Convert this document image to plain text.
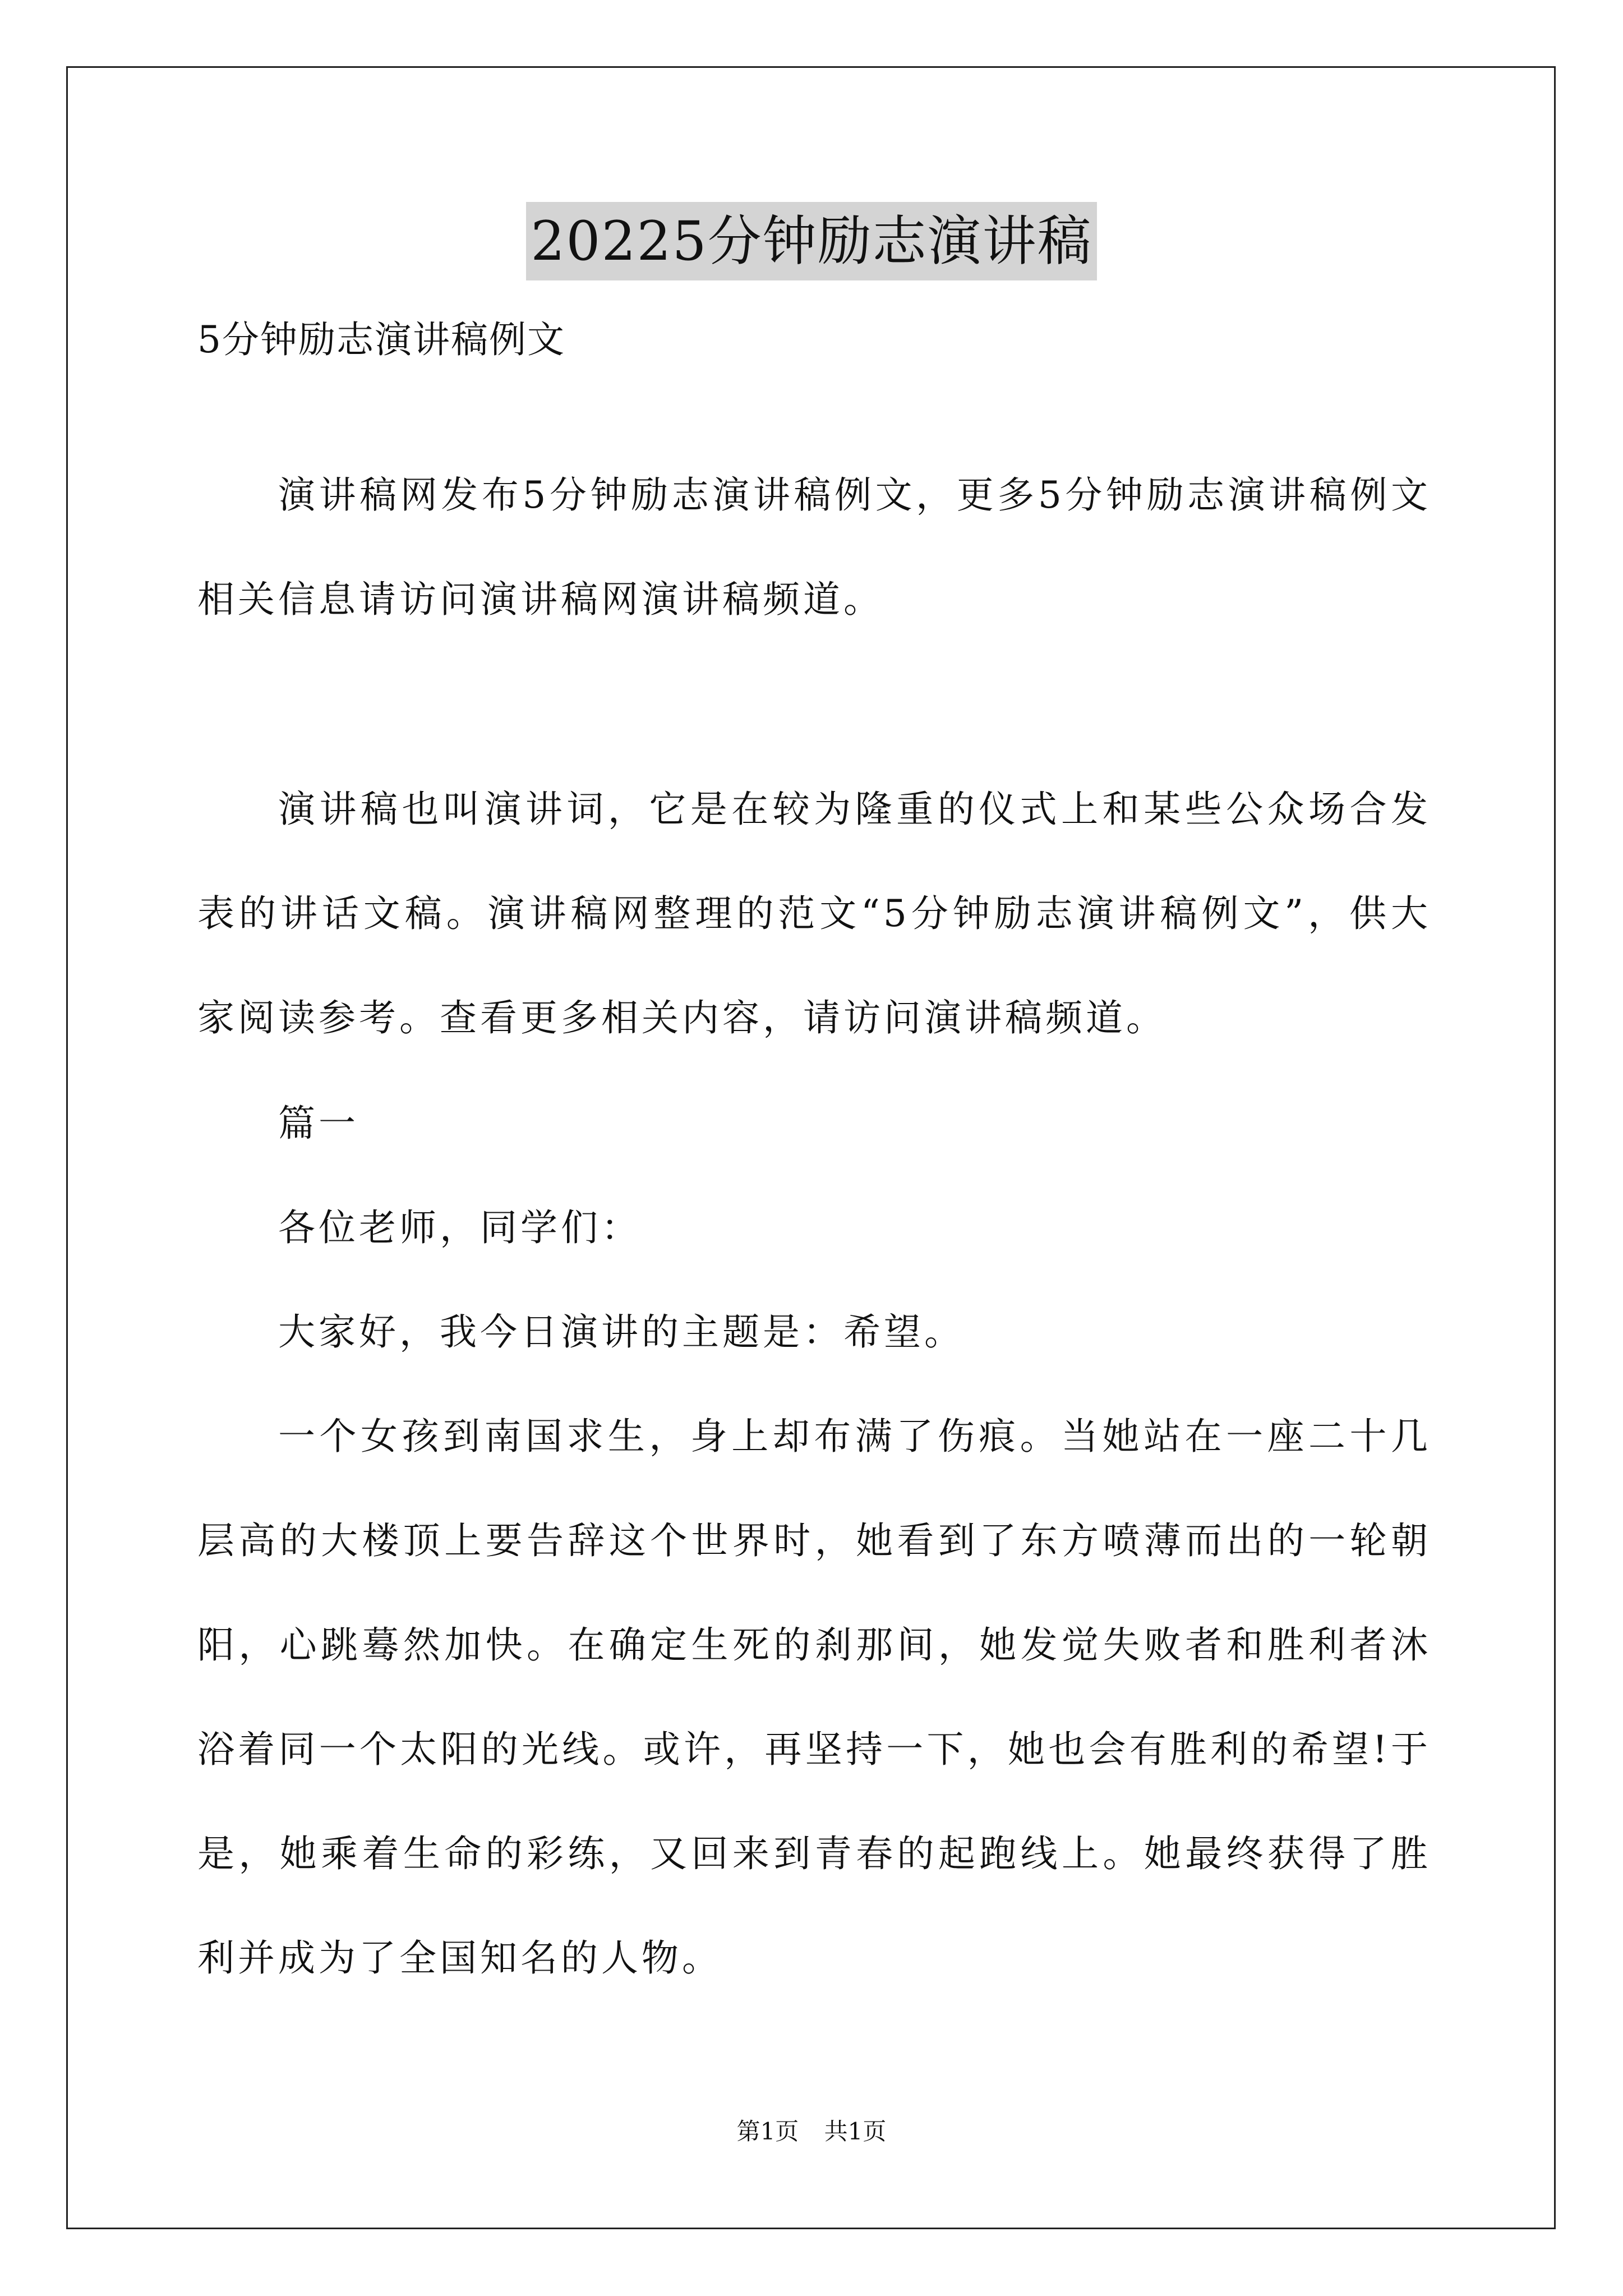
20225分钟励志演讲稿
5分钟励志演讲稿例文

演讲稿网发布5分钟励志演讲稿例文，更多5分钟励志演讲稿例文相关信息请访问演讲稿网演讲稿频道。

演讲稿也叫演讲词，它是在较为隆重的仪式上和某些公众场合发表的讲话文稿。演讲稿网整理的范文“5分钟励志演讲稿例文”，供大家阅读参考。查看更多相关内容，请访问演讲稿频道。

篇一

各位老师，同学们：

大家好，我今日演讲的主题是：希望。

一个女孩到南国求生，身上却布满了伤痕。当她站在一座二十几层高的大楼顶上要告辞这个世界时，她看到了东方喷薄而出的一轮朝阳，心跳蓦然加快。在确定生死的刹那间，她发觉失败者和胜利者沐浴着同一个太阳的光线。或许，再坚持一下，她也会有胜利的希望!于是，她乘着生命的彩练，又回来到青春的起跑线上。她最终获得了胜利并成为了全国知名的人物。

第1页 共1页
